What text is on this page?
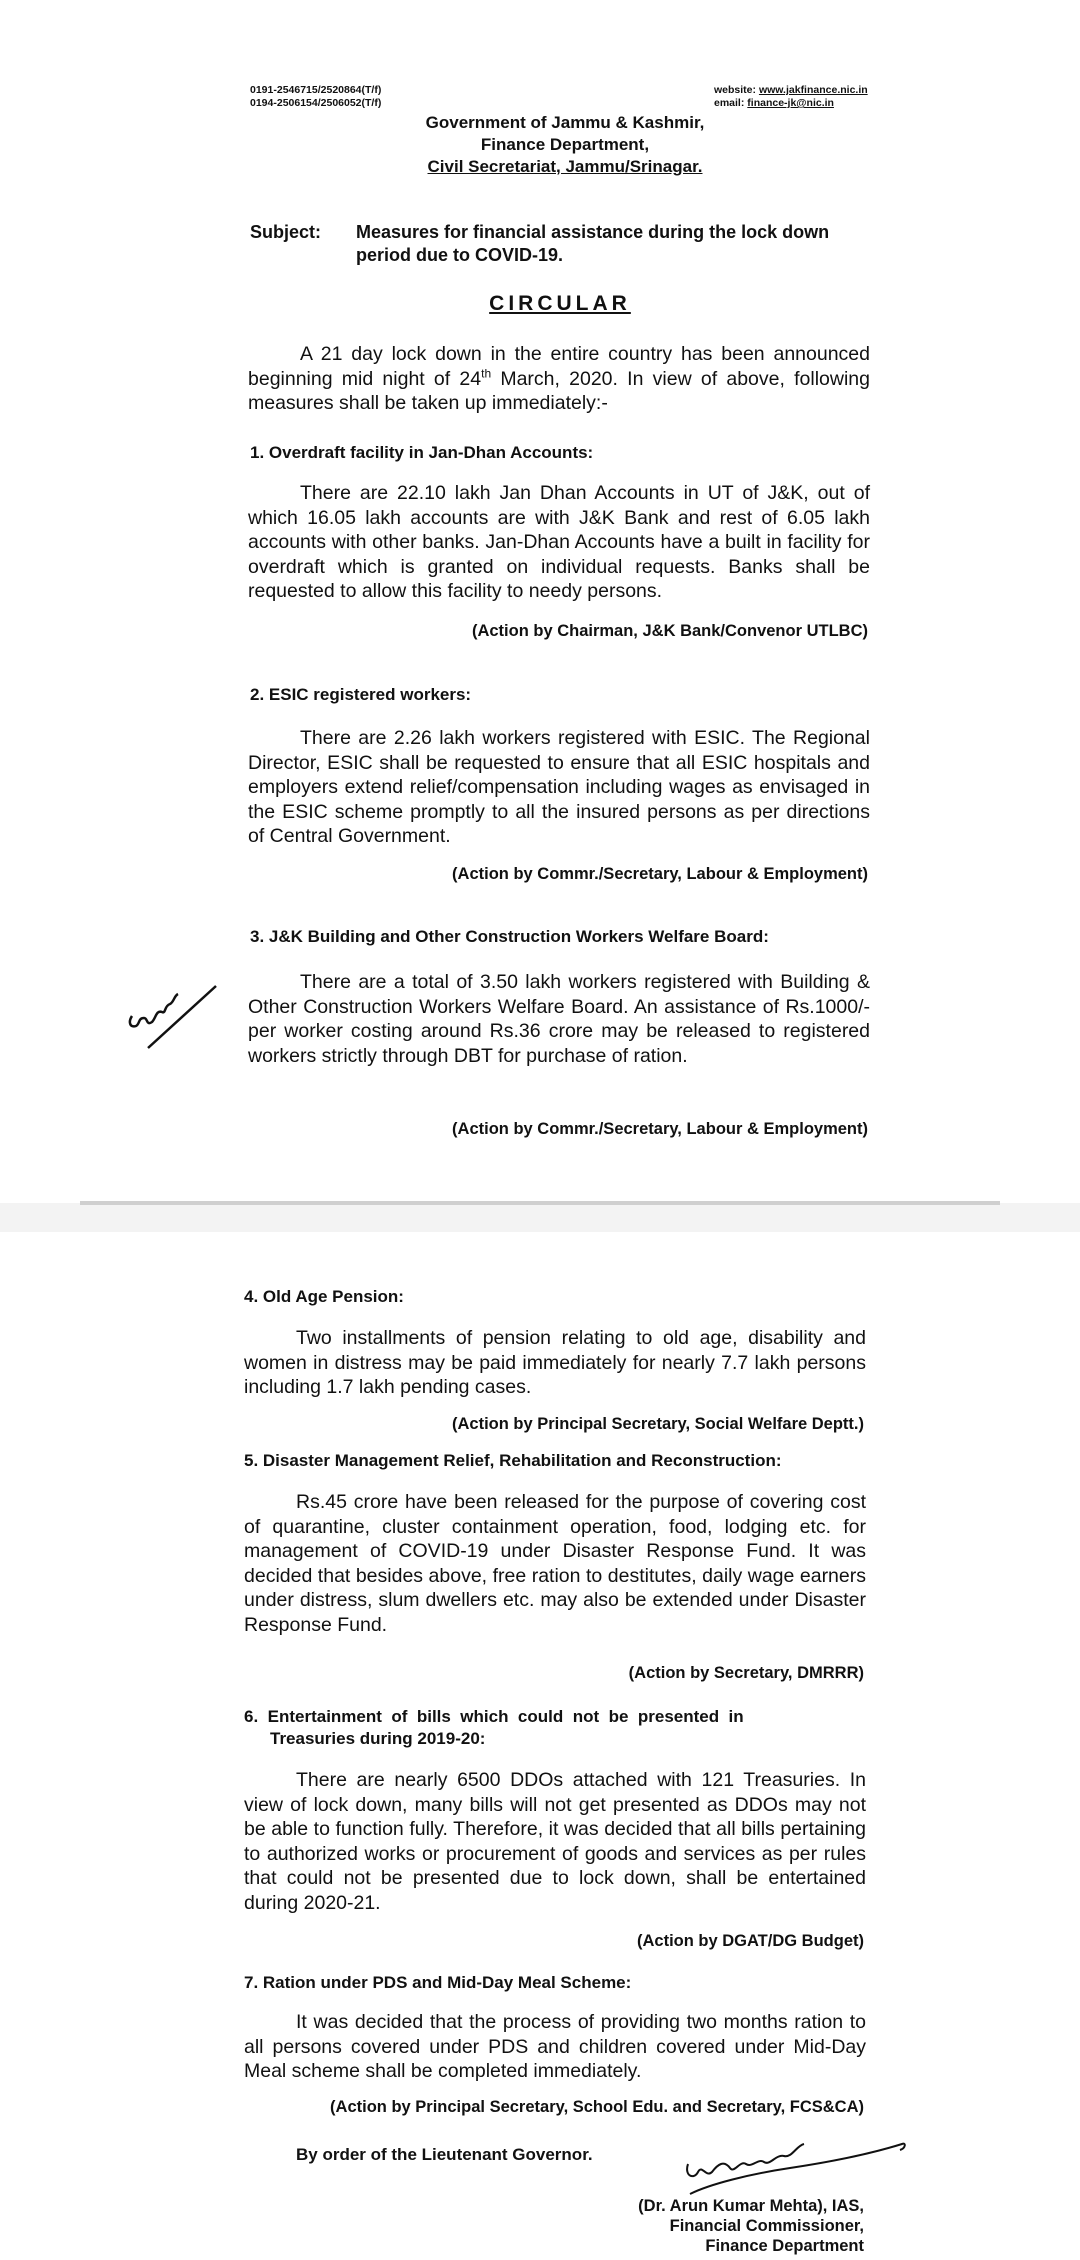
0191-2546715/2520864(T/f)
0194-2506154/2506052(T/f)
website: www.jakfinance.nic.in
email: finance-jk@nic.in
Government of Jammu & Kashmir,
Finance Department,
Civil Secretariat, Jammu/Srinagar.
Subject: Measures for financial assistance during the lock down
period due to COVID-19.
CIRCULAR
A 21 day lock down in the entire country has been announced beginning mid night of 24th March, 2020. In view of above, following measures shall be taken up immediately:-
1. Overdraft facility in Jan-Dhan Accounts:
There are 22.10 lakh Jan Dhan Accounts in UT of J&K, out of which 16.05 lakh accounts are with J&K Bank and rest of 6.05 lakh accounts with other banks. Jan-Dhan Accounts have a built in facility for overdraft which is granted on individual requests. Banks shall be requested to allow this facility to needy persons.
(Action by Chairman, J&K Bank/Convenor UTLBC)
2. ESIC registered workers:
There are 2.26 lakh workers registered with ESIC. The Regional Director, ESIC shall be requested to ensure that all ESIC hospitals and employers extend relief/compensation including wages as envisaged in the ESIC scheme promptly to all the insured persons as per directions of Central Government.
(Action by Commr./Secretary, Labour & Employment)
3. J&K Building and Other Construction Workers Welfare Board:
There are a total of 3.50 lakh workers registered with Building & Other Construction Workers Welfare Board. An assistance of Rs.1000/- per worker costing around Rs.36 crore may be released to registered workers strictly through DBT for purchase of ration.
(Action by Commr./Secretary, Labour & Employment)
4. Old Age Pension:
Two installments of pension relating to old age, disability and women in distress may be paid immediately for nearly 7.7 lakh persons including 1.7 lakh pending cases.
(Action by Principal Secretary, Social Welfare Deptt.)
5. Disaster Management Relief, Rehabilitation and Reconstruction:
Rs.45 crore have been released for the purpose of covering cost of quarantine, cluster containment operation, food, lodging etc. for management of COVID-19 under Disaster Response Fund. It was decided that besides above, free ration to destitutes, daily wage earners under distress, slum dwellers etc. may also be extended under Disaster Response Fund.
(Action by Secretary, DMRRR)
6.  Entertainment  of  bills  which  could  not  be  presented  in
Treasuries during 2019-20:
There are nearly 6500 DDOs attached with 121 Treasuries. In view of lock down, many bills will not get presented as DDOs may not be able to function fully. Therefore, it was decided that all bills pertaining to authorized works or procurement of goods and services as per rules that could not be presented due to lock down, shall be entertained during 2020-21.
(Action by DGAT/DG Budget)
7. Ration under PDS and Mid-Day Meal Scheme:
It was decided that the process of providing two months ration to all persons covered under PDS and children covered under Mid-Day Meal scheme shall be completed immediately.
(Action by Principal Secretary, School Edu. and Secretary, FCS&CA)
By order of the Lieutenant Governor.
(Dr. Arun Kumar Mehta), IAS,
Financial Commissioner,
Finance Department
